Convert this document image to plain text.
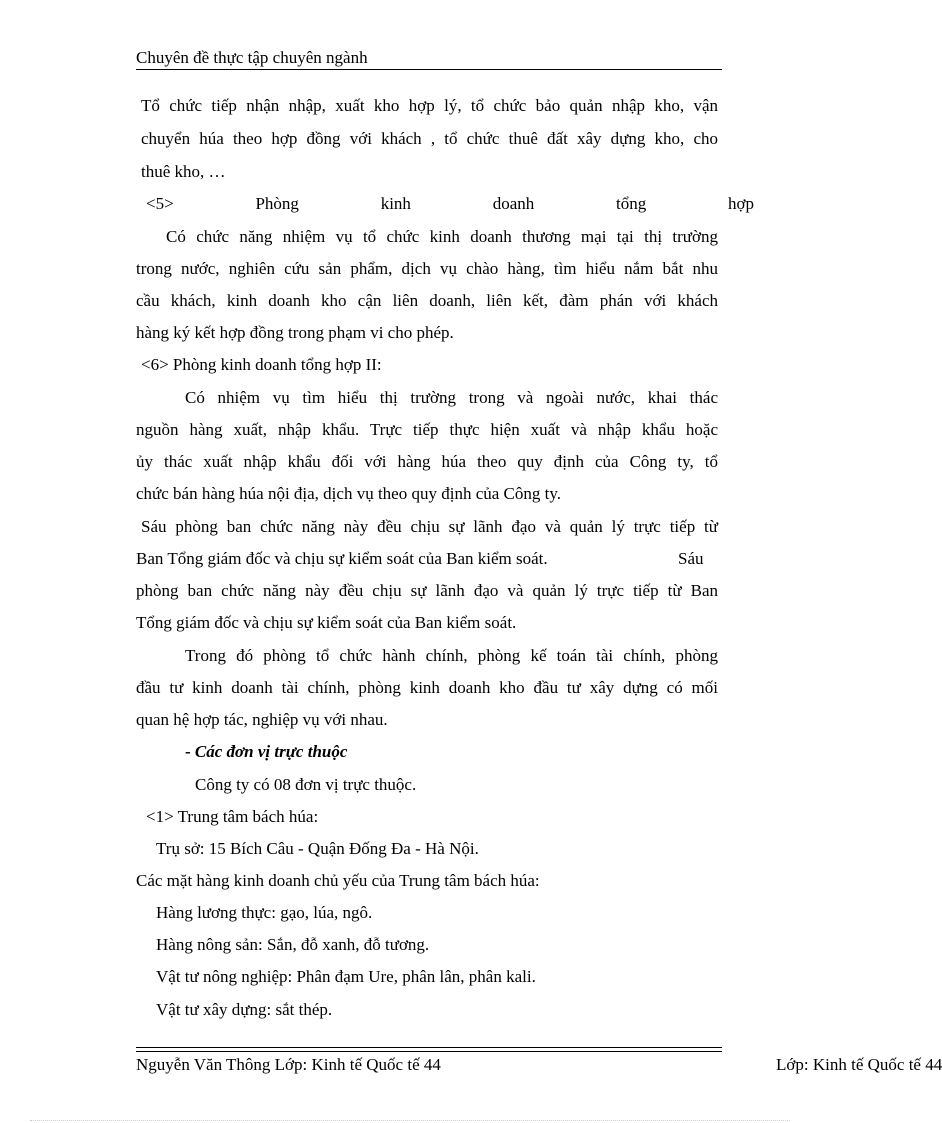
Chuyên đề thực tập chuyên ngành
Tổ chức tiếp nhận nhập, xuất kho hợp lý, tổ chức bảo quản nhập kho, vận
chuyển húa theo hợp đồng với khách , tổ chức thuê đất xây dựng kho, cho
thuê kho, …
<5>	Phòng	kinh	doanh	tổng	hợp
Có chức năng nhiệm vụ tổ chức kinh doanh thương mại tại thị trường
trong nước, nghiên cứu sản phẩm, dịch vụ chào hàng, tìm hiểu nắm bắt nhu
cầu khách, kinh doanh kho cận liên doanh, liên kết, đàm phán với khách
hàng ký kết hợp đồng trong phạm vi cho phép.
<6> Phòng kinh doanh tổng hợp II:
Có nhiệm vụ tìm hiểu thị trường trong và ngoài nước, khai thác
nguồn hàng xuất, nhập khẩu. Trực tiếp thực hiện xuất và nhập khẩu hoặc
ủy thác xuất nhập khẩu đối với hàng húa theo quy định của Công ty, tổ
chức bán hàng húa nội địa, dịch vụ theo quy định của Công ty.
Sáu phòng ban chức năng này đều chịu sự lãnh đạo và quản lý trực tiếp từ
Ban Tổng giám đốc và chịu sự kiểm soát của Ban kiểm soát.	Sáu
phòng ban chức năng này đều chịu sự lãnh đạo và quản lý trực tiếp từ Ban
Tổng giám đốc và chịu sự kiểm soát của Ban kiểm soát.
Trong đó phòng tổ chức hành chính, phòng kế toán tài chính, phòng
đầu tư kinh doanh tài chính, phòng kinh doanh kho đầu tư xây dựng có mối
quan hệ hợp tác, nghiệp vụ với nhau.
- Các đơn vị trực thuộc
Công ty có 08 đơn vị trực thuộc.
<1> Trung tâm bách húa:
Trụ sở: 15 Bích Câu - Quận Đống Đa - Hà Nội.
Các mặt hàng kinh doanh chủ yếu của Trung tâm bách húa:
Hàng lương thực: gạo, lúa, ngô.
Hàng nông sản: Sắn, đỗ xanh, đỗ tương.
Vật tư nông nghiệp: Phân đạm Ure, phân lân, phân kali.
Vật tư xây dựng: sắt thép.
Nguyễn Văn Thông Lớp: Kinh tế Quốc tế 44	Lớp: Kinh tế Quốc tế 44
